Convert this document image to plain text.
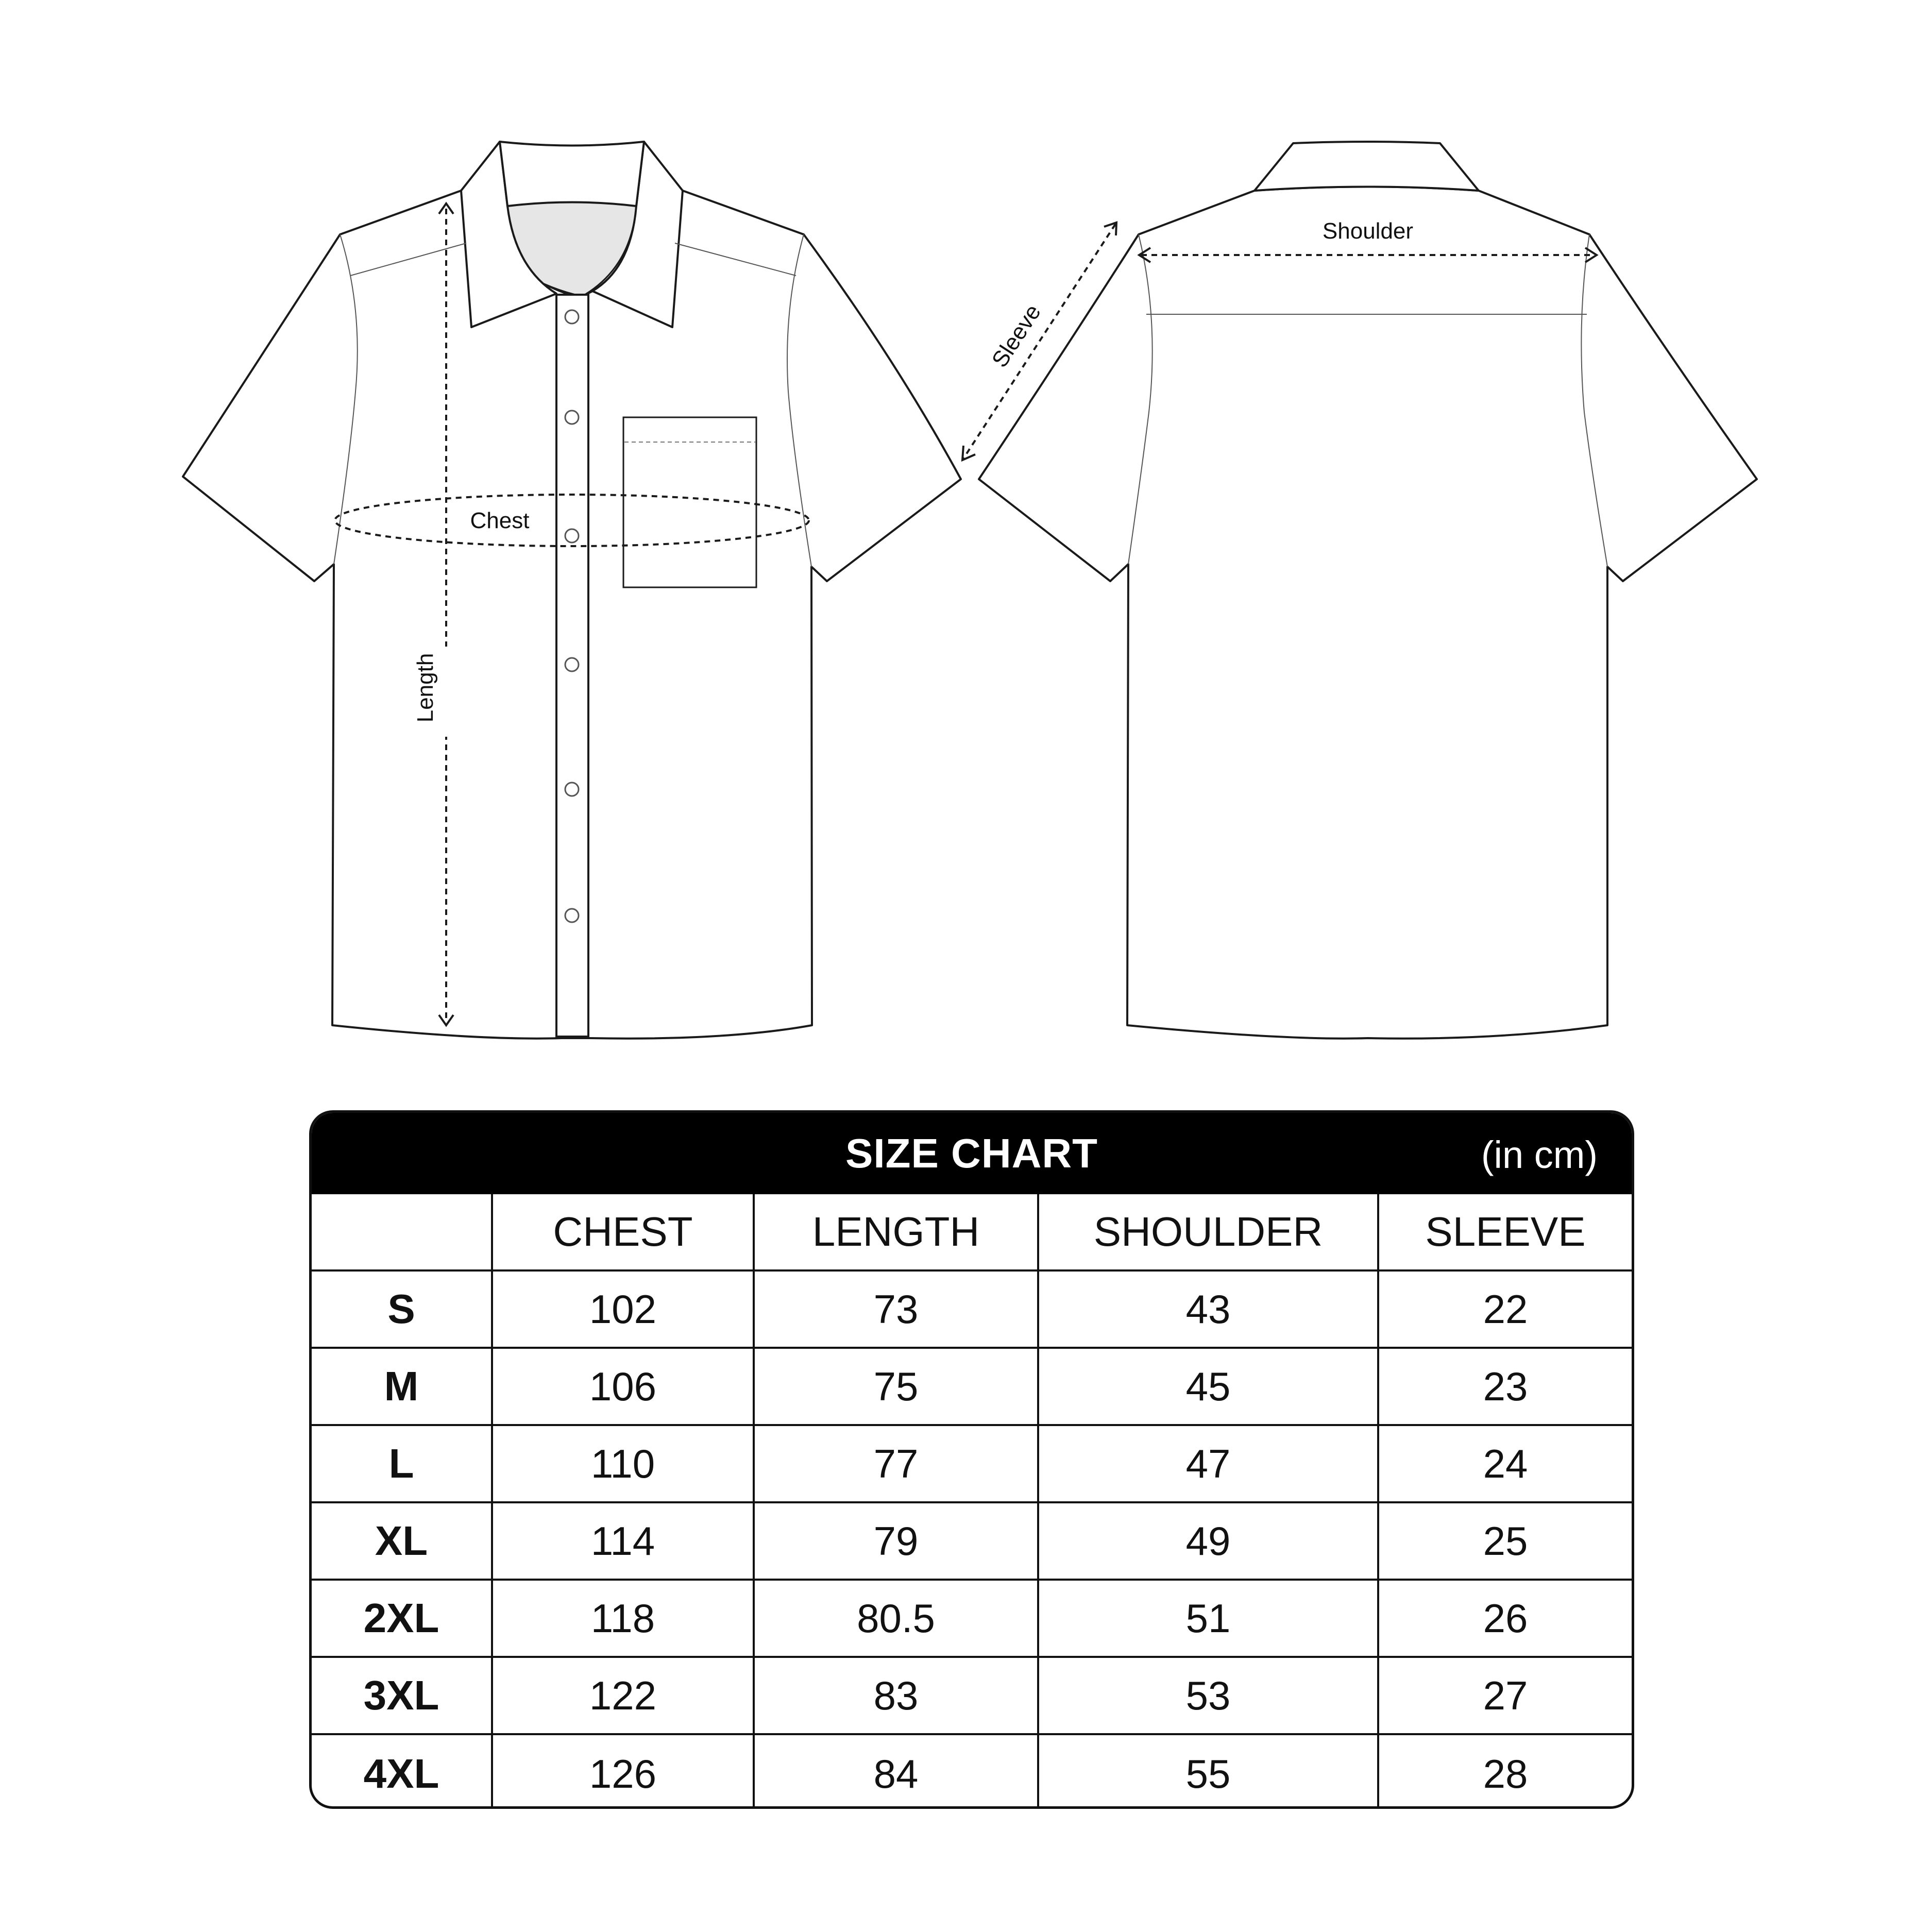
Length
Chest
Shoulder
Sleeve
SIZE CHART	(in cm)
CHEST	LENGTH	SHOULDER	SLEEVE
S	102	73	43	22
M	106	75	45	23
L	110	77	47	24
XL	114	79	49	25
2XL	118	80.5	51	26
3XL	122	83	53	27
4XL	126	84	55	28
